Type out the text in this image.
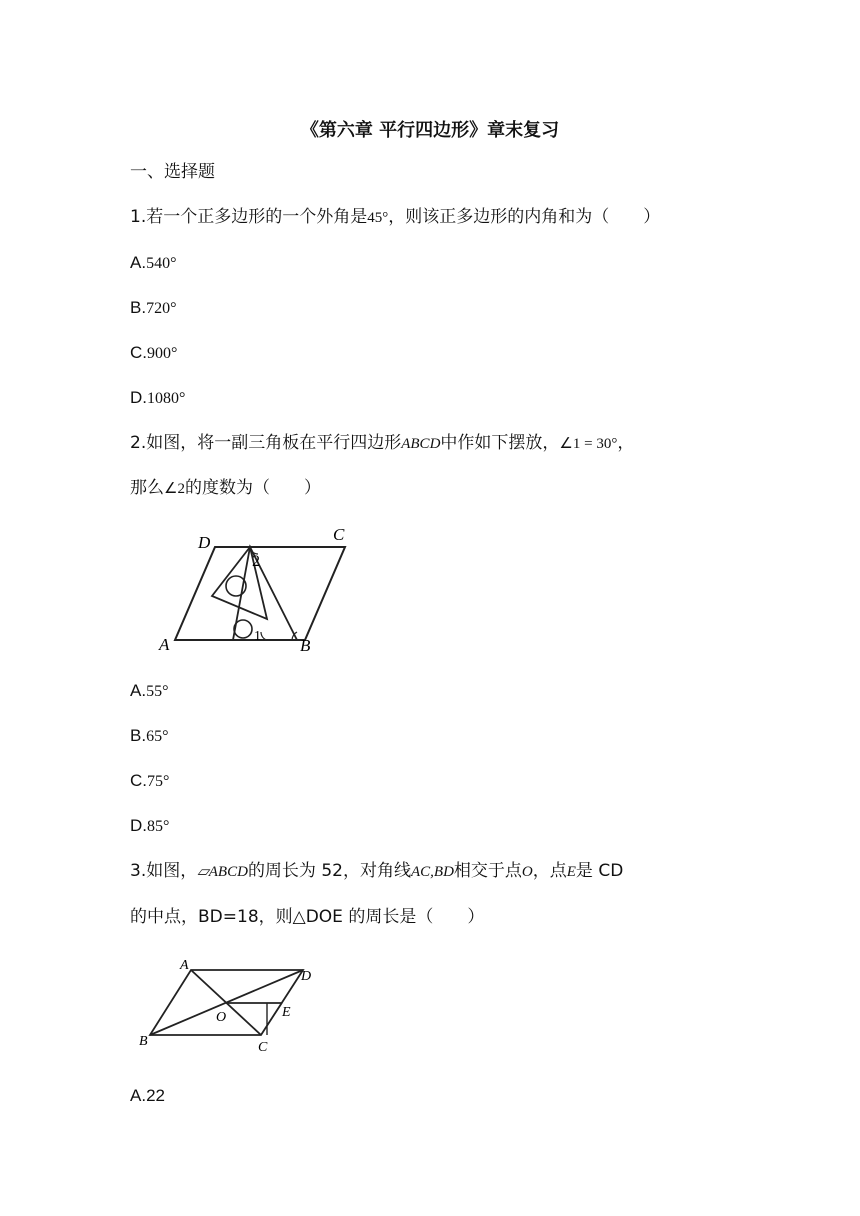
《第六章 平行四边形》章末复习
一、选择题
1.若一个正多边形的一个外角是45°，则该正多边形的内角和为（　　）
A.540°
B.720°
C.900°
D.1080°
2.如图，将一副三角板在平行四边形ABCD中作如下摆放，∠1 = 30°，
那么∠2的度数为（　　）
D	C
2
A	1 B
A.55°
B.65°
C.75°
D.85°
3.如图，▱ABCD的周长为 52，对角线AC,BD相交于点O，点E是 CD
的中点，BD=18，则△DOE 的周长是（　　）
A
D
O	E
B	C
A.22
